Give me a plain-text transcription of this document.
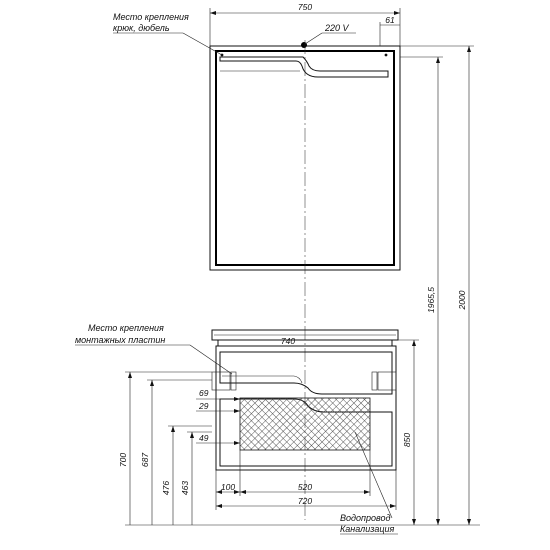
750
61
Место крепления
крюк, дюбель	220 V
Место крепления
монтажных пластин	740
2000
1965,5
850
700 687
476 463
69
29
49
100	520
720
Водопровод
Канализация
